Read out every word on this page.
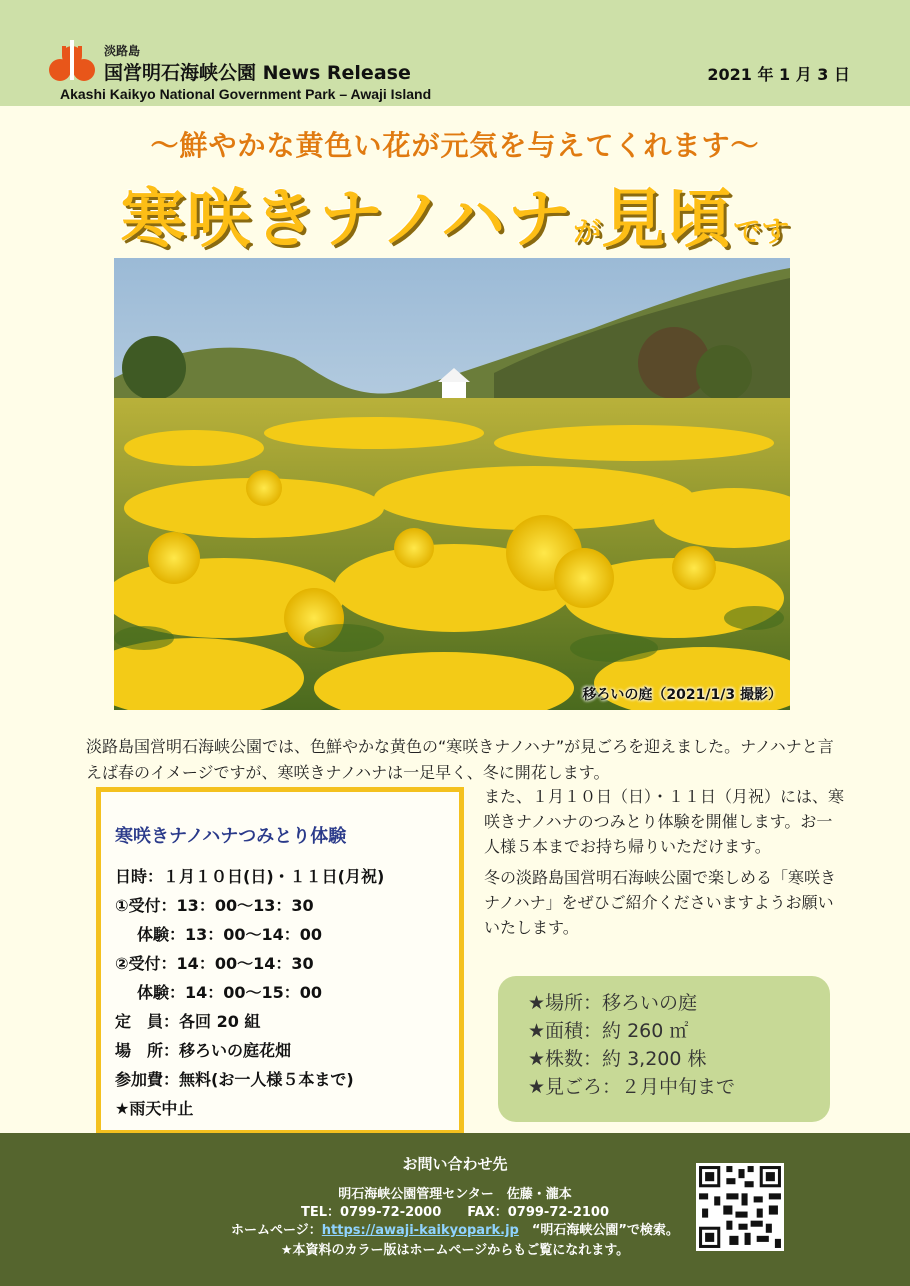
淡路島
国営明石海峡公園 News Release	2021 年 1 月 3 日
Akashi Kaikyo National Government Park – Awaji Island
〜鮮やかな黄色い花が元気を与えてくれます〜
寒咲きナノハナが見頃です
移ろいの庭（2021/1/3 撮影）
淡路島国営明石海峡公園では、色鮮やかな黄色の“寒咲きナノハナ”が見ごろを迎えました。ナノハナと言えば春のイメージですが、寒咲きナノハナは一足早く、冬に開花します。
寒咲きナノハナつみとり体験
日時：１月１０日(日)・１１日(月祝)
①受付：13：00〜13：30
体験：13：00〜14：00
②受付：14：00〜14：30
体験：14：00〜15：00
定　員：各回 20 組
場　所：移ろいの庭花畑
参加費：無料(お一人様５本まで)
★雨天中止

また、１月１０日（日）・１１日（月祝）には、寒咲きナノハナのつみとり体験を開催します。お一人様５本までお持ち帰りいただけます。

冬の淡路島国営明石海峡公園で楽しめる「寒咲きナノハナ」をぜひご紹介くださいますようお願いいたします。

★場所：移ろいの庭
★面積：約 260 ㎡
★株数：約 3,200 株
★見ごろ：２月中旬まで
お問い合わせ先
明石海峡公園管理センター　佐藤・瀧本
TEL：0799-72-2000　　FAX：0799-72-2100
ホームページ：https://awaji-kaikyopark.jp　“明石海峡公園”で検索。
★本資料のカラー版はホームページからもご覧になれます。
